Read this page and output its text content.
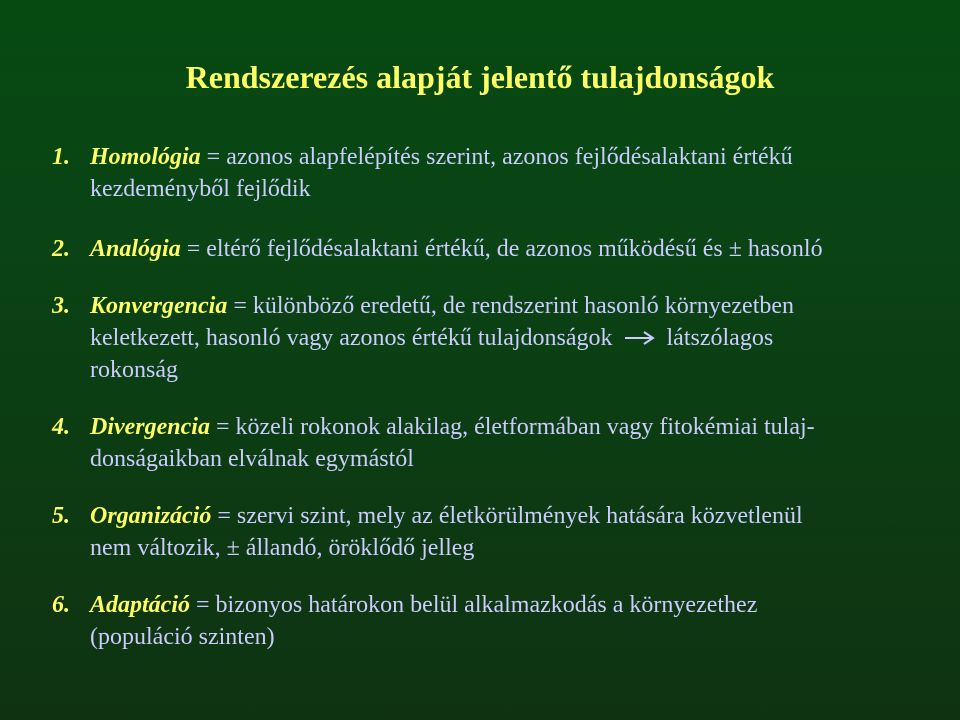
Rendszerezés alapját jelentő tulajdonságok
1. Homológia = azonos alapfelépítés szerint, azonos fejlődésalaktani értékű
kezdeményből fejlődik
2. Analógia = eltérő fejlődésalaktani értékű, de azonos működésű és ± hasonló
3. Konvergencia = különböző eredetű, de rendszerint hasonló környezetben
keletkezett, hasonló vagy azonos értékű tulajdonságok látszólagos
rokonság
4. Divergencia = közeli rokonok alakilag, életformában vagy fitokémiai tulaj-
donságaikban elválnak egymástól
5. Organizáció = szervi szint, mely az életkörülmények hatására közvetlenül
nem változik, ± állandó, öröklődő jelleg
6. Adaptáció = bizonyos határokon belül alkalmazkodás a környezethez
(populáció szinten)
